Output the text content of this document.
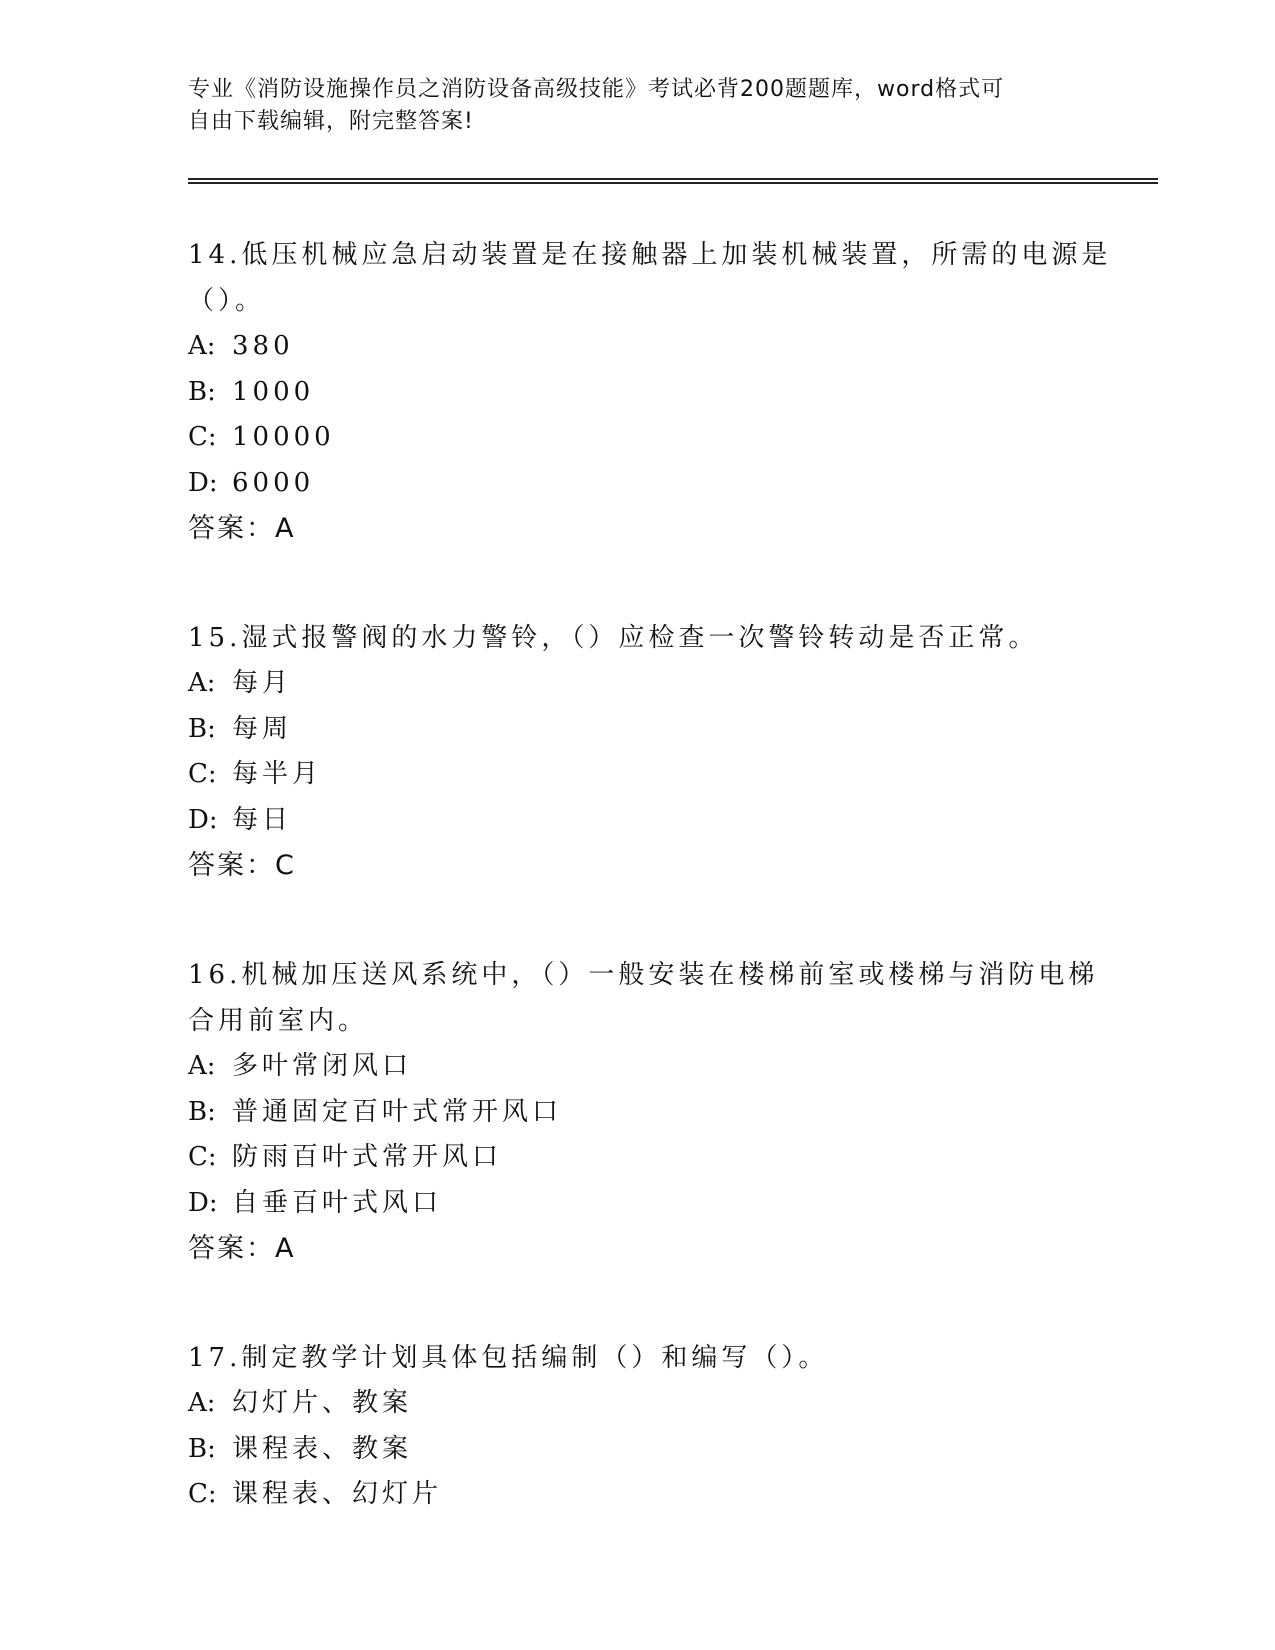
专业《消防设施操作员之消防设备高级技能》考试必背200题题库，word格式可
自由下载编辑，附完整答案!
14.低压机械应急启动装置是在接触器上加装机械装置，所需的电源是
（）。
A: 380
B: 1000
C: 10000
D: 6000
答案：A
15.湿式报警阀的水力警铃，（）应检查一次警铃转动是否正常。
A: 每月
B: 每周
C: 每半月
D: 每日
答案：C
16.机械加压送风系统中，（）一般安装在楼梯前室或楼梯与消防电梯
合用前室内。
A: 多叶常闭风口
B: 普通固定百叶式常开风口
C: 防雨百叶式常开风口
D: 自垂百叶式风口
答案：A
17.制定教学计划具体包括编制（）和编写（）。
A: 幻灯片、教案
B: 课程表、教案
C: 课程表、幻灯片
